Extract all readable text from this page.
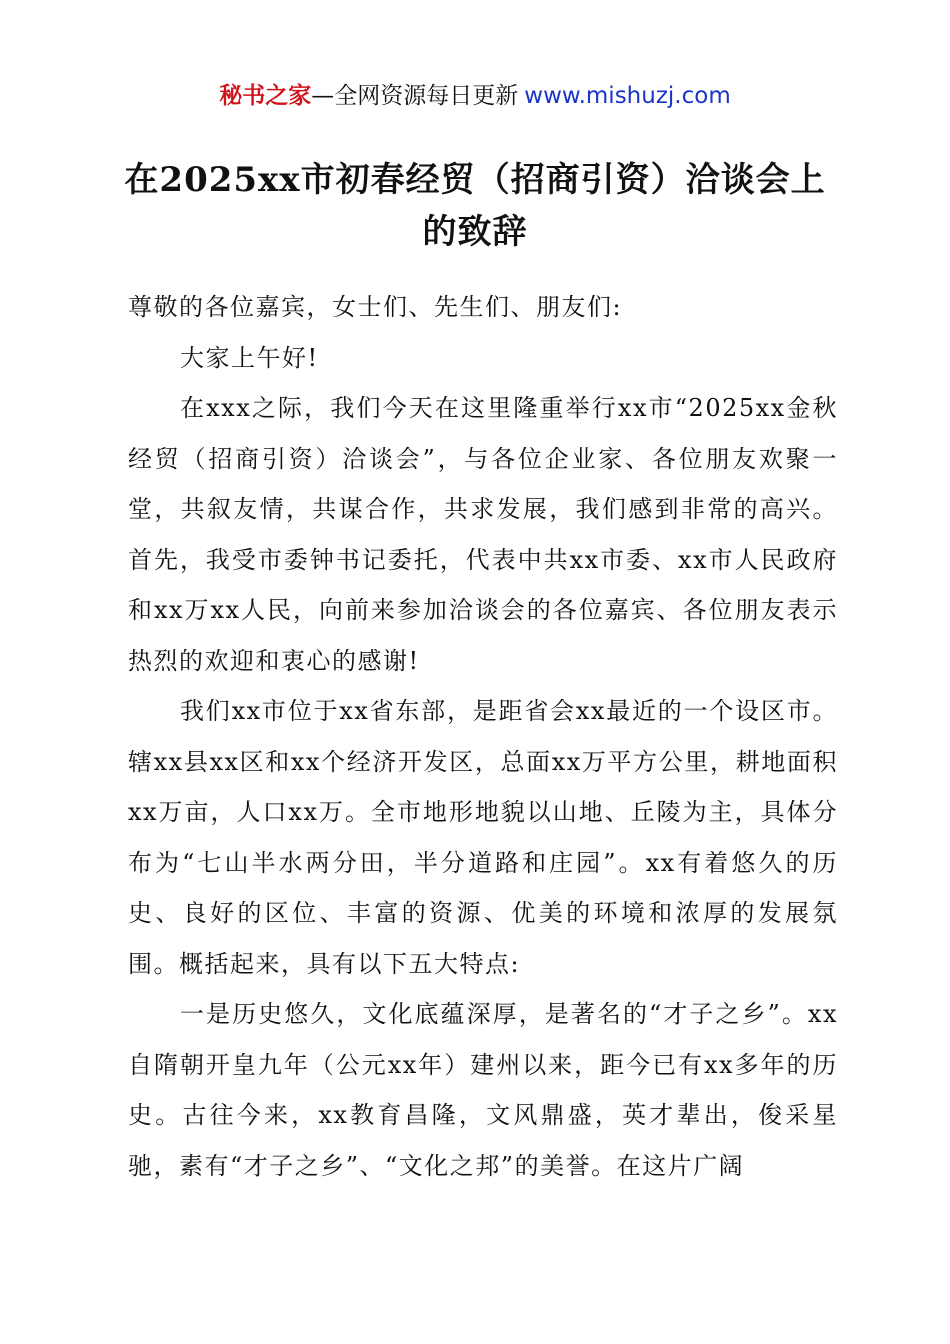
秘书之家—全网资源每日更新 www.mishuzj.com
在2025xx市初春经贸（招商引资）洽谈会上的致辞

尊敬的各位嘉宾，女士们、先生们、朋友们:

大家上午好!

在xxx之际，我们今天在这里隆重举行xx市“2025xx金秋经贸（招商引资）洽谈会”，与各位企业家、各位朋友欢聚一堂，共叙友情，共谋合作，共求发展，我们感到非常的高兴。首先，我受市委钟书记委托，代表中共xx市委、xx市人民政府和xx万xx人民，向前来参加洽谈会的各位嘉宾、各位朋友表示热烈的欢迎和衷心的感谢!

我们xx市位于xx省东部，是距省会xx最近的一个设区市。辖xx县xx区和xx个经济开发区，总面xx万平方公里，耕地面积xx万亩，人口xx万。全市地形地貌以山地、丘陵为主，具体分布为“七山半水两分田，半分道路和庄园”。xx有着悠久的历史、良好的区位、丰富的资源、优美的环境和浓厚的发展氛围。概括起来，具有以下五大特点:

一是历史悠久，文化底蕴深厚，是著名的“才子之乡”。xx自隋朝开皇九年（公元xx年）建州以来，距今已有xx多年的历史。古往今来，xx教育昌隆，文风鼎盛，英才辈出，俊采星驰，素有“才子之乡”、“文化之邦”的美誉。在这片广阔
